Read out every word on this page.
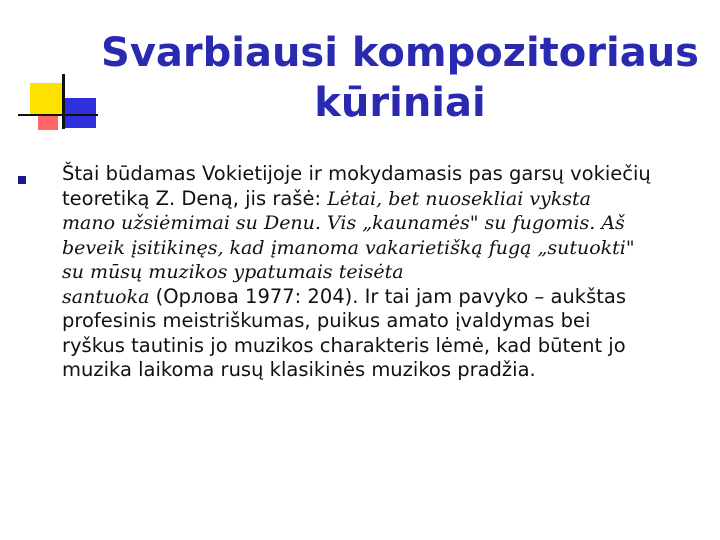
Svarbiausi kompozitoriaus
kūriniai

Štai būdamas Vokietijoje ir mokydamasis pas garsų vokiečių
teoretiką Z. Deną, jis rašė: Lėtai, bet nuosekliai vyksta
mano užsiėmimai su Denu. Vis „kaunamės" su fugomis. Aš
beveik įsitikinęs, kad įmanoma vakarietišką fugą „sutuokti"
su mūsų muzikos ypatumais teisėta
santuoka (Орлова 1977: 204). Ir tai jam pavyko – aukštas
profesinis meistriškumas, puikus amato įvaldymas bei
ryškus tautinis jo muzikos charakteris lėmė, kad būtent jo
muzika laikoma rusų klasikinės muzikos pradžia.
